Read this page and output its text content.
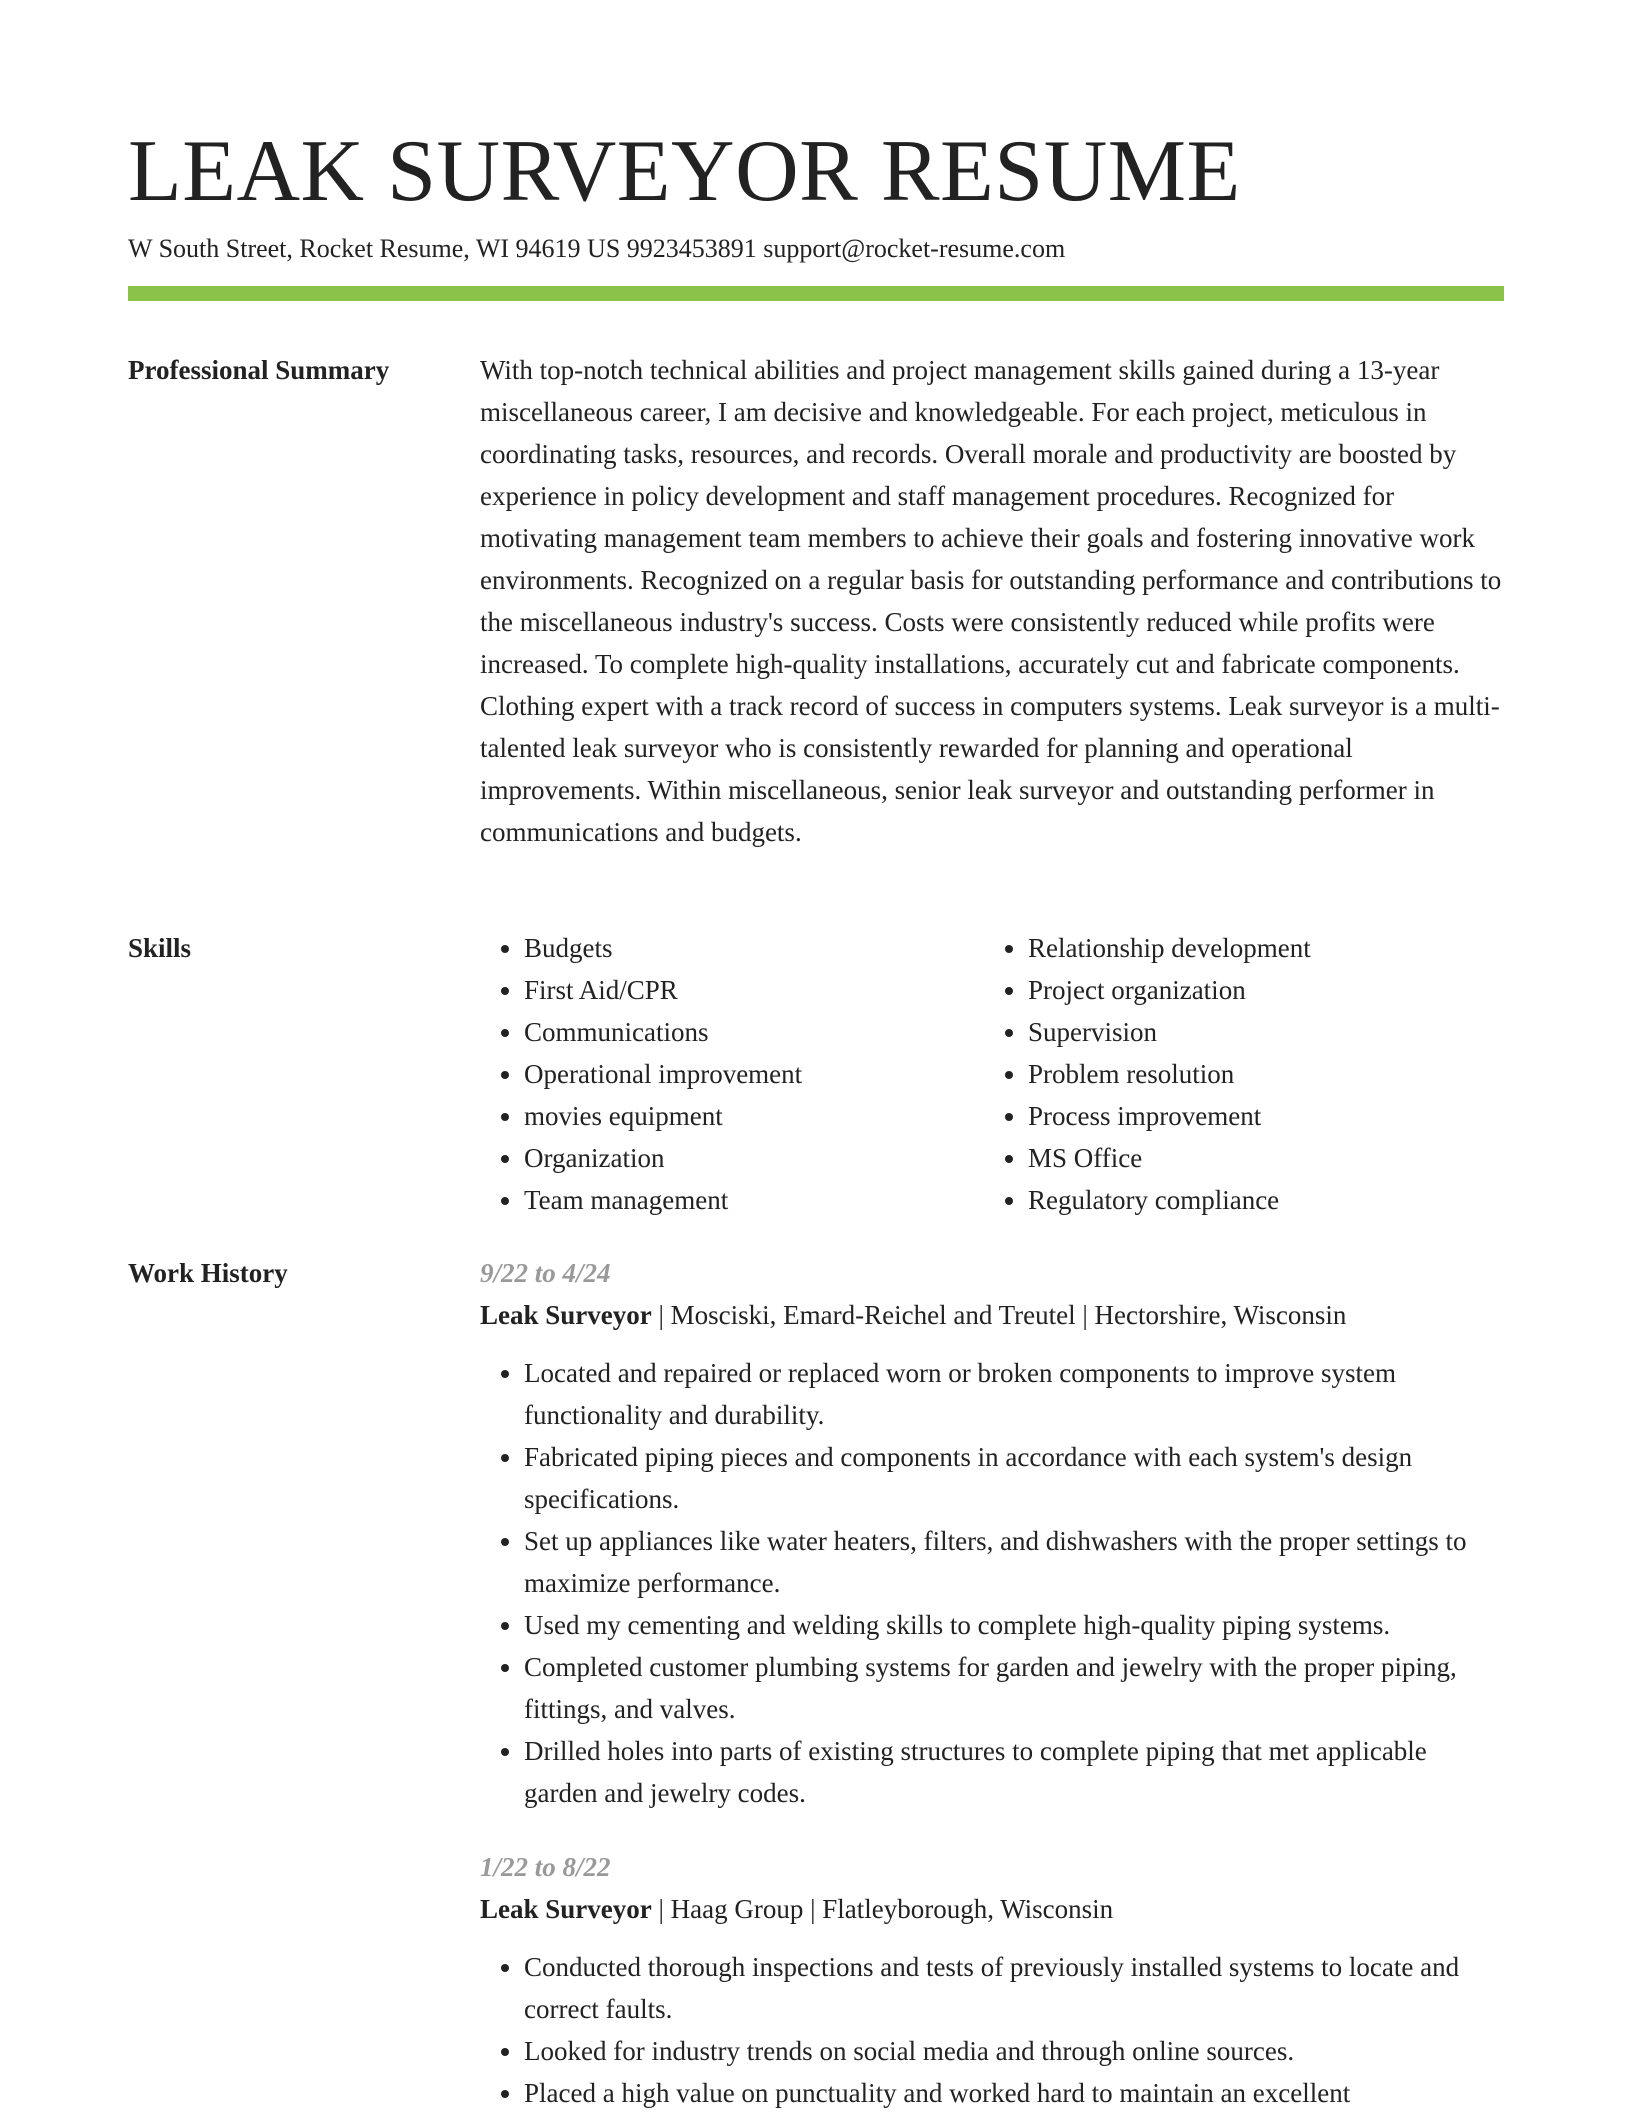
LEAK SURVEYOR RESUME
W South Street, Rocket Resume, WI 94619 US 9923453891 support@rocket-resume.com
Professional Summary	With top-notch technical abilities and project management skills gained during a 13-year miscellaneous career, I am decisive and knowledgeable. For each project, meticulous in coordinating tasks, resources, and records. Overall morale and productivity are boosted by experience in policy development and staff management procedures. Recognized for motivating management team members to achieve their goals and fostering innovative work environments. Recognized on a regular basis for outstanding performance and contributions to the miscellaneous industry's success. Costs were consistently reduced while profits were increased. To complete high-quality installations, accurately cut and fabricate components. Clothing expert with a track record of success in computers systems. Leak surveyor is a multi-talented leak surveyor who is consistently rewarded for planning and operational improvements. Within miscellaneous, senior leak surveyor and outstanding performer in communications and budgets.

Skills
•	Budgets
• First Aid/CPR
• Communications
• Operational improvement
• movies equipment
• Organization
• Team management
• Relationship development
• Project organization
• Supervision
• Problem resolution
• Process improvement
• MS Office
• Regulatory compliance
Work History	9/22 to 4/24
Leak Surveyor | Mosciski, Emard-Reichel and Treutel | Hectorshire, Wisconsin
• Located and repaired or replaced worn or broken components to improve system functionality and durability.
• Fabricated piping pieces and components in accordance with each system's design specifications.
• Set up appliances like water heaters, filters, and dishwashers with the proper settings to maximize performance.
• Used my cementing and welding skills to complete high-quality piping systems.
• Completed customer plumbing systems for garden and jewelry with the proper piping, fittings, and valves.
• Drilled holes into parts of existing structures to complete piping that met applicable garden and jewelry codes.
1/22 to 8/22
Leak Surveyor | Haag Group | Flatleyborough, Wisconsin
• Conducted thorough inspections and tests of previously installed systems to locate and correct faults.
• Looked for industry trends on social media and through online sources.
• Placed a high value on punctuality and worked hard to maintain an excellent
